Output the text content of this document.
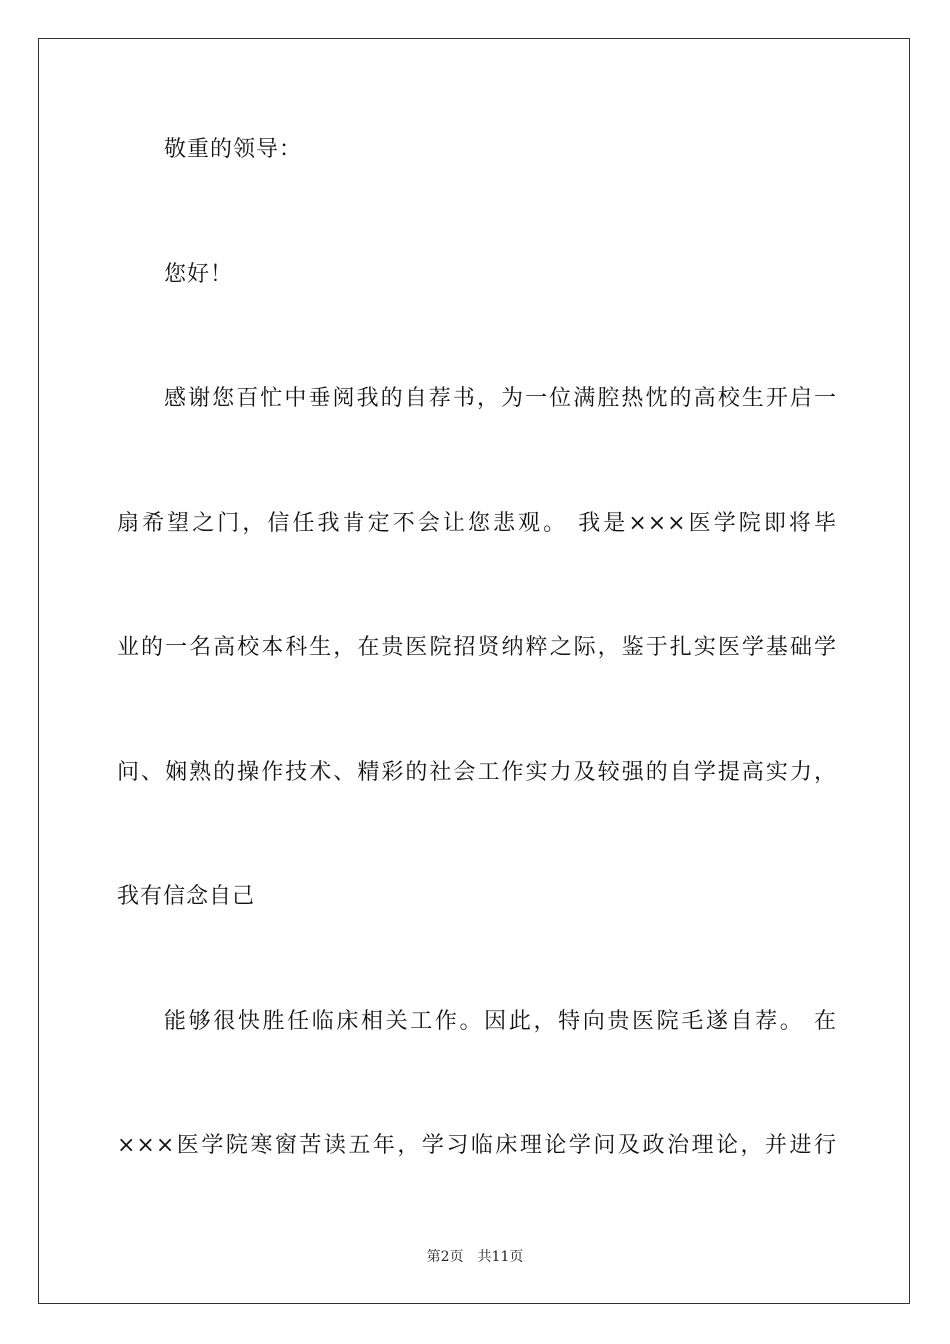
敬重的领导：
您好！
感谢您百忙中垂阅我的自荐书，为一位满腔热忱的高校生开启一
扇希望之门，信任我肯定不会让您悲观。 我是×××医学院即将毕
业的一名高校本科生，在贵医院招贤纳粹之际，鉴于扎实医学基础学
问、娴熟的操作技术、精彩的社会工作实力及较强的自学提高实力，
我有信念自己
能够很快胜任临床相关工作。因此，特向贵医院毛遂自荐。 在
×××医学院寒窗苦读五年，学习临床理论学问及政治理论，并进行
第2页 共11页
